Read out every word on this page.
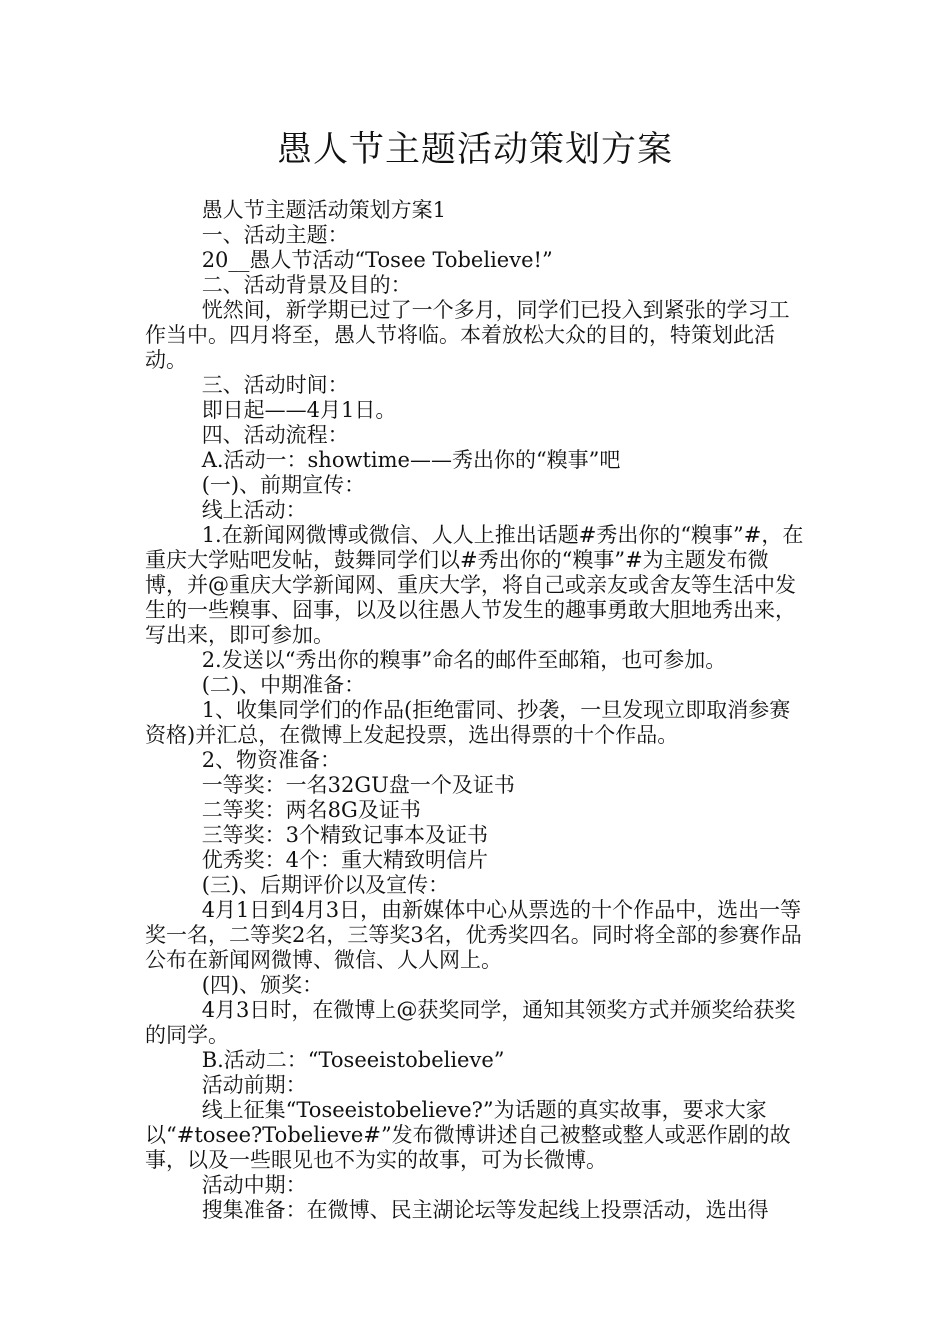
愚人节主题活动策划方案

愚人节主题活动策划方案1

一、活动主题：

20__愚人节活动“Tosee Tobelieve!”

二、活动背景及目的：

恍然间，新学期已过了一个多月，同学们已投入到紧张的学习工作当中。四月将至，愚人节将临。本着放松大众的目的，特策划此活动。

三、活动时间：

即日起——4月1日。

四、活动流程：

A.活动一：showtime——秀出你的“糗事”吧

(一)、前期宣传：

线上活动：

1.在新闻网微博或微信、人人上推出话题#秀出你的“糗事”#，在重庆大学贴吧发帖，鼓舞同学们以#秀出你的“糗事”#为主题发布微博，并@重庆大学新闻网、重庆大学，将自己或亲友或舍友等生活中发生的一些糗事、囧事，以及以往愚人节发生的趣事勇敢大胆地秀出来，写出来，即可参加。

2.发送以“秀出你的糗事”命名的邮件至邮箱，也可参加。

(二)、中期准备：

1、收集同学们的作品(拒绝雷同、抄袭，一旦发现立即取消参赛资格)并汇总，在微博上发起投票，选出得票的十个作品。

2、物资准备：

一等奖：一名32GU盘一个及证书

二等奖：两名8G及证书

三等奖：3个精致记事本及证书

优秀奖：4个：重大精致明信片

(三)、后期评价以及宣传：

4月1日到4月3日，由新媒体中心从票选的十个作品中，选出一等奖一名，二等奖2名，三等奖3名，优秀奖四名。同时将全部的参赛作品公布在新闻网微博、微信、人人网上。

(四)、颁奖：

4月3日时，在微博上@获奖同学，通知其领奖方式并颁奖给获奖的同学。

B.活动二：“Toseeistobelieve”

活动前期：

线上征集“Toseeistobelieve?”为话题的真实故事，要求大家以“#tosee?Tobelieve#”发布微博讲述自己被整或整人或恶作剧的故事，以及一些眼见也不为实的故事，可为长微博。

活动中期：

搜集准备：在微博、民主湖论坛等发起线上投票活动，选出得
